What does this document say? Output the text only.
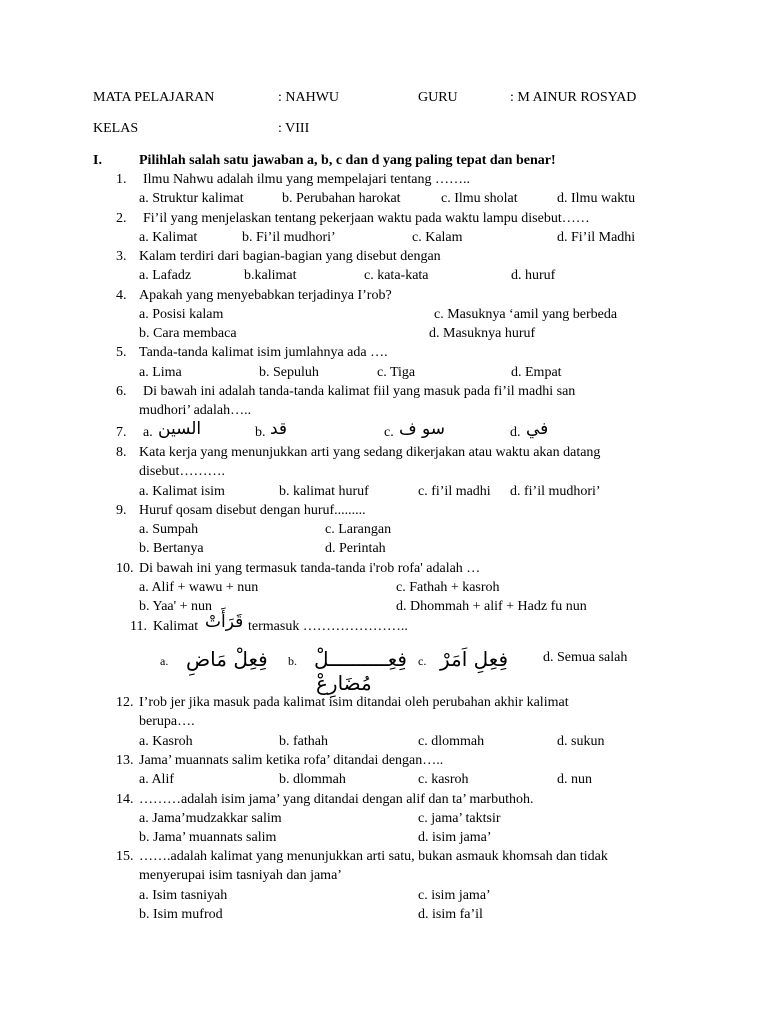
MATA PELAJARAN	: NAHWU	GURU	: M AINUR ROSYAD
KELAS	: VIII
I.	Pilihlah salah satu jawaban a, b, c dan d yang paling tepat dan benar!
1. Ilmu Nahwu adalah ilmu yang mempelajari tentang ……..
a. Struktur kalimat	b. Perubahan harokat	c. Ilmu sholat	d. Ilmu waktu
2. Fi’il yang menjelaskan tentang pekerjaan waktu pada waktu lampu disebut……
a. Kalimat	b. Fi’il mudhori’	c. Kalam	d. Fi’il Madhi
3. Kalam terdiri dari bagian-bagian yang disebut dengan
a. Lafadz	b.kalimat	c. kata-kata	d. huruf
4. Apakah yang menyebabkan terjadinya I’rob?
a. Posisi kalam	c. Masuknya ‘amil yang berbeda
b. Cara membaca	d. Masuknya huruf
5. Tanda-tanda kalimat isim jumlahnya ada ….
a. Lima	b. Sepuluh	c. Tiga	d. Empat
6. Di bawah ini adalah tanda-tanda kalimat fiil yang masuk pada fi’il madhi san
mudhori’ adalah…..
7. a. السين	b. قد	c. سو ف	d. في
8. Kata kerja yang menunjukkan arti yang sedang dikerjakan atau waktu akan datang
disebut……….
a. Kalimat isim	b. kalimat huruf	c. fi’il madhi d. fi’il mudhori’
9. Huruf qosam disebut dengan huruf.........
a. Sumpah	c. Larangan
b. Bertanya	d. Perintah
10. Di bawah ini yang termasuk tanda-tanda i'rob rofa' adalah …
a. Alif + wawu + nun	c. Fathah + kasroh
b. Yaa' + nun	d. Dhommah + alif + Hadz fu nun
11. Kalimat قَرَأَتْ termasuk …………………..
a. فِعِلْ مَاضِ b. فِعِــــــــــلْ
مُضَارِعْ
c. فِعِلِ اَمَرْ d. Semua salah
12. I’rob jer jika masuk pada kalimat isim ditandai oleh perubahan akhir kalimat
berupa….
a. Kasroh	b. fathah	c. dlommah	d. sukun
13. Jama’ muannats salim ketika rofa’ ditandai dengan…..
a. Alif	b. dlommah	c. kasroh	d. nun
14. ………adalah isim jama’ yang ditandai dengan alif dan ta’ marbuthoh.
a. Jama’mudzakkar salim	c. jama’ taktsir
b. Jama’ muannats salim	d. isim jama’
15. …….adalah kalimat yang menunjukkan arti satu, bukan asmauk khomsah dan tidak
menyerupai isim tasniyah dan jama’
a. Isim tasniyah	c. isim jama’
b. Isim mufrod	d. isim fa’il
